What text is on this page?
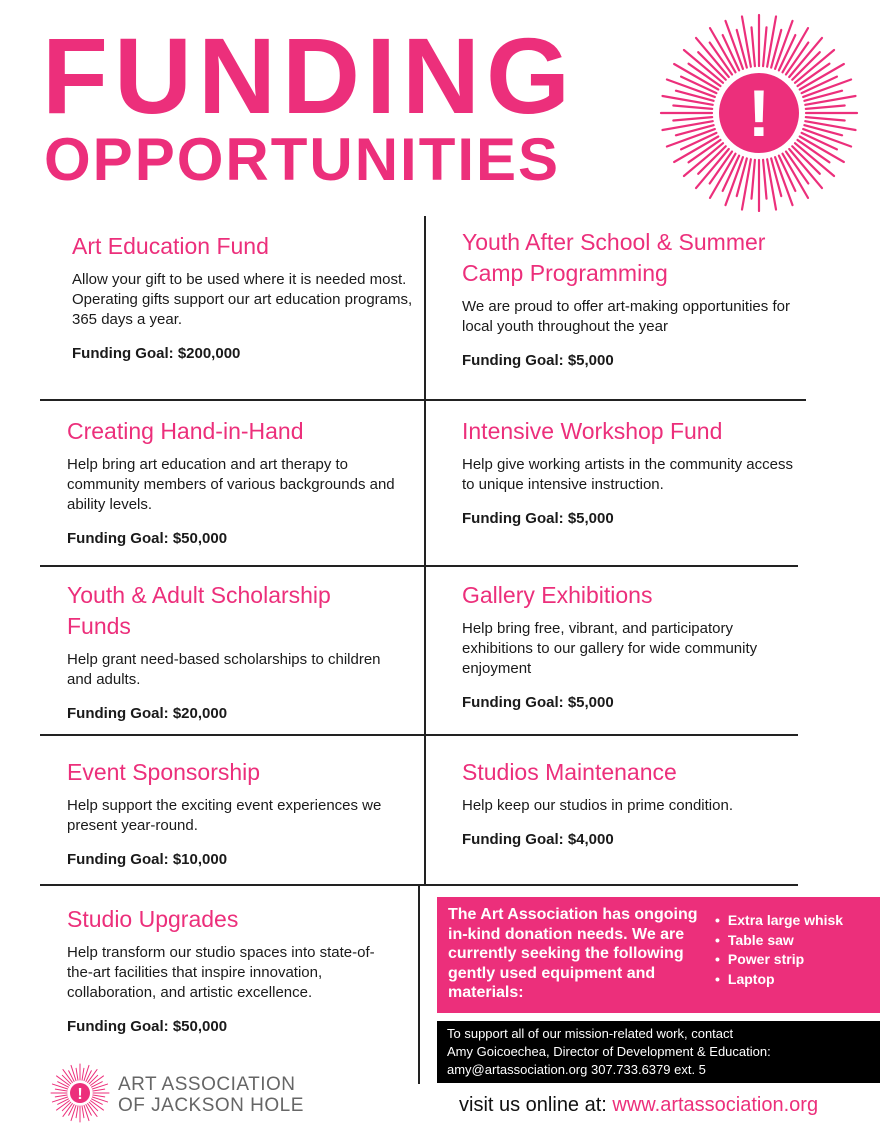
FUNDING
OPPORTUNITIES
!
Art Education Fund

Allow your gift to be used where it is needed most. Operating gifts support our art education programs, 365 days a year.

Funding Goal: $200,000
Youth After School & Summer Camp Programming

We are proud to offer art-making opportunities for local youth throughout the year

Funding Goal: $5,000
Creating Hand-in-Hand

Help bring art education and art therapy to community members of various backgrounds and ability levels.

Funding Goal: $50,000
Intensive Workshop Fund

Help give working artists in the community access to unique intensive instruction.

Funding Goal: $5,000
Youth & Adult Scholarship Funds

Help grant need-based scholarships to children and adults.

Funding Goal: $20,000
Gallery Exhibitions

Help bring free, vibrant, and participatory exhibitions to our gallery for wide community enjoyment

Funding Goal: $5,000
Event Sponsorship

Help support the exciting event experiences we present year-round.

Funding Goal: $10,000
Studios Maintenance

Help keep our studios in prime condition.

Funding Goal: $4,000
Studio Upgrades

Help transform our studio spaces into state-of-the-art facilities that inspire innovation, collaboration, and artistic excellence.

Funding Goal: $50,000
The Art Association has ongoing in-kind donation needs. We are currently seeking the following gently used equipment and materials:
• Extra large whisk
• Table saw
• Power strip
• Laptop
To support all of our mission-related work, contact
Amy Goicoechea, Director of Development & Education:
amy@artassociation.org 307.733.6379 ext. 5
visit us online at: www.artassociation.org
! ART ASSOCIATION
OF JACKSON HOLE
